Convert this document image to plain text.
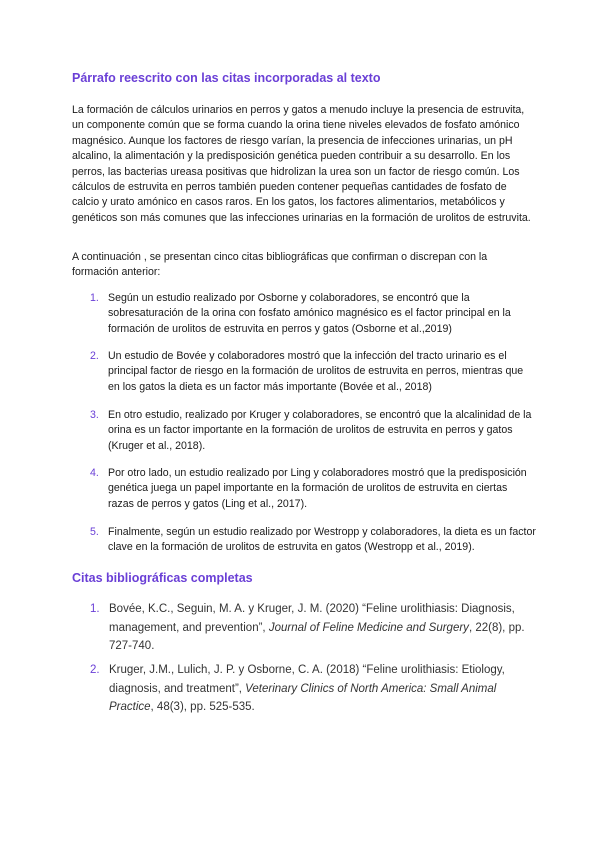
Párrafo reescrito con las citas incorporadas al texto

La formación de cálculos urinarios en perros y gatos a menudo incluye la presencia de estruvita, un componente común que se forma cuando la orina tiene niveles elevados de fosfato amónico magnésico. Aunque los factores de riesgo varían, la presencia de infecciones urinarias, un pH alcalino, la alimentación y la predisposición genética pueden contribuir a su desarrollo. En los perros, las bacterias ureasa positivas que hidrolizan la urea son un factor de riesgo común. Los cálculos de estruvita en perros también pueden contener pequeñas cantidades de fosfato de calcio y urato amónico en casos raros. En los gatos, los factores alimentarios, metabólicos y genéticos son más comunes que las infecciones urinarias en la formación de urolitos de estruvita.

A continuación , se presentan cinco citas bibliográficas que confirman o discrepan con la formación anterior:

1. Según un estudio realizado por Osborne y colaboradores, se encontró que la sobresaturación de la orina con fosfato amónico magnésico es el factor principal en la formación de urolitos de estruvita en perros y gatos (Osborne et al.,2019)
2. Un estudio de Bovée y colaboradores mostró que la infección del tracto urinario es el principal factor de riesgo en la formación de urolitos de estruvita en perros, mientras que en los gatos la dieta es un factor más importante (Bovée et al., 2018)
3. En otro estudio, realizado por Kruger y colaboradores, se encontró que la alcalinidad de la orina es un factor importante en la formación de urolitos de estruvita en perros y gatos (Kruger et al., 2018).
4. Por otro lado, un estudio realizado por Ling y colaboradores mostró que la predisposición genética juega un papel importante en la formación de urolitos de estruvita en ciertas razas de perros y gatos (Ling et al., 2017).
5. Finalmente, según un estudio realizado por Westropp y colaboradores, la dieta es un factor clave en la formación de urolitos de estruvita en gatos (Westropp et al., 2019).
Citas bibliográficas completas
1. Bovée, K.C., Seguin, M. A. y Kruger, J. M. (2020) “Feline urolithiasis: Diagnosis, management, and prevention”, Journal of Feline Medicine and Surgery, 22(8), pp. 727-740.
2. Kruger, J.M., Lulich, J. P. y Osborne, C. A. (2018) “Feline urolithiasis: Etiology, diagnosis, and treatment”, Veterinary Clinics of North America: Small Animal Practice, 48(3), pp. 525-535.
